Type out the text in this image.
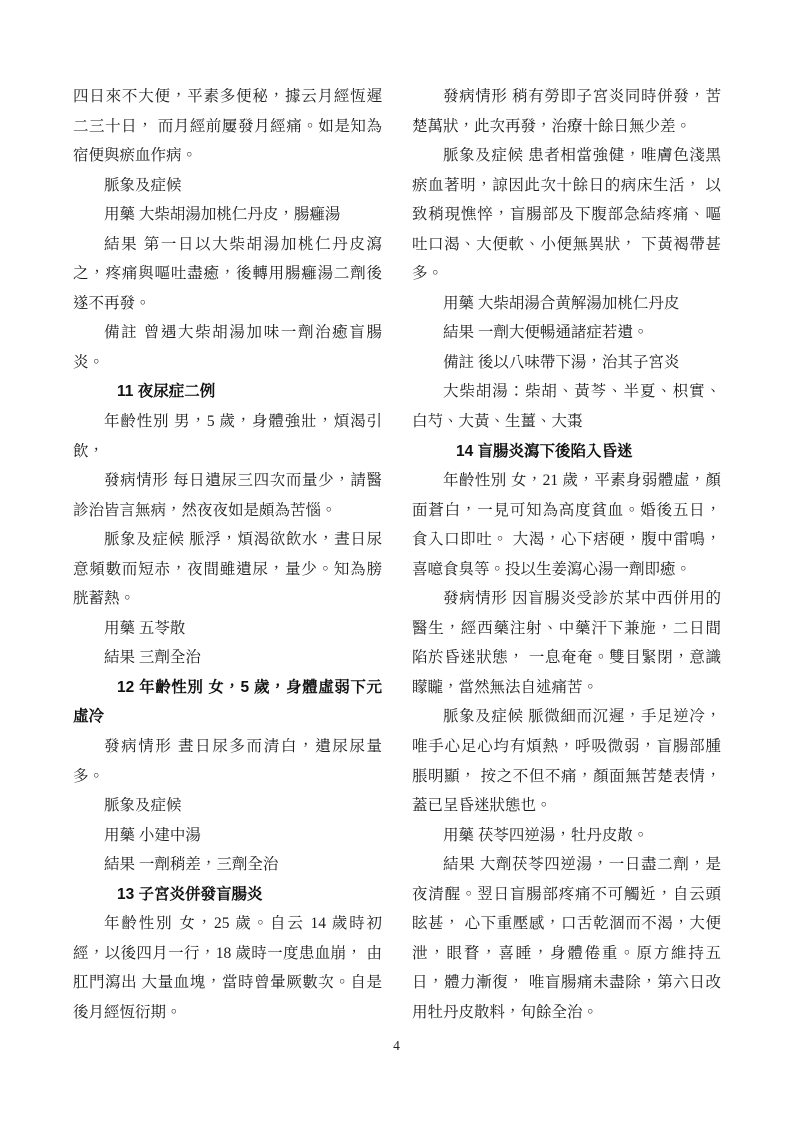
四日來不大便，平素多便秘，據云月經恆遲二三十日， 而月經前屢發月經痛。如是知為宿便與瘀血作病。

脈象及症候

用藥 大柴胡湯加桃仁丹皮，腸癰湯

結果 第一日以大柴胡湯加桃仁丹皮瀉之，疼痛與嘔吐盡癒，後轉用腸癰湯二劑後遂不再發。

備註 曾遇大柴胡湯加味一劑治癒盲腸炎。

11 夜尿症二例

年齡性別 男，5 歲，身體強壯，煩渴引飲，

發病情形 每日遺尿三四次而量少，請醫診治皆言無病，然夜夜如是頗為苦惱。

脈象及症候 脈浮，煩渴欲飲水，晝日尿意頻數而短赤，夜間雖遺尿，量少。知為膀胱蓄熱。

用藥 五苓散

結果 三劑全治

12 年齡性別 女，5 歲，身體虛弱下元虛冷

發病情形 晝日尿多而清白，遺尿尿量多。

脈象及症候

用藥 小建中湯

結果 一劑稍差，三劑全治

13 子宮炎併發盲腸炎

年齡性別 女，25 歲。自云 14 歲時初經，以後四月一行，18 歲時一度患血崩， 由肛門瀉出 大量血塊，當時曾暈厥數次。自是後月經恆衍期。

發病情形 稍有勞即子宮炎同時併發，苦楚萬狀，此次再發，治療十餘日無少差。

脈象及症候 患者相當強健，唯膚色淺黑瘀血著明，諒因此次十餘日的病床生活， 以致稍現憔悴，盲腸部及下腹部急結疼痛、嘔吐口渴、大便軟、小便無異狀， 下黃褐帶甚多。

用藥 大柴胡湯合黄解湯加桃仁丹皮

結果 一劑大便暢通諸症若遺。

備註 後以八味帶下湯，治其子宮炎

大柴胡湯：柴胡、黃芩、半夏、枳實、白芍、大黃、生薑、大棗

14 盲腸炎瀉下後陷入昏迷

年齡性別 女，21 歲，平素身弱體虛，顏面蒼白，一見可知為高度貧血。婚後五日，食入口即吐。 大渴，心下痞硬，腹中雷鳴，喜噫食臭等。投以生姜瀉心湯一劑即癒。

發病情形 因盲腸炎受診於某中西併用的醫生，經西藥注射、中藥汗下兼施，二日間陷於昏迷狀態， 一息奄奄。雙目緊閉，意識矇矓，當然無法自述痛苦。

脈象及症候 脈微細而沉遲，手足逆冷，唯手心足心均有煩熱，呼吸微弱，盲腸部腫脹明顯， 按之不但不痛，顏面無苦楚表情，蓋已呈昏迷狀態也。

用藥 茯苓四逆湯，牡丹皮散。

結果 大劑茯苓四逆湯，一日盡二劑，是夜清醒。翌日盲腸部疼痛不可觸近，自云頭眩甚， 心下重壓感，口舌乾涸而不渴，大便泄，眼瞀，喜睡，身體倦重。原方維持五日，體力漸復， 唯盲腸痛未盡除，第六日改用牡丹皮散料，旬餘全治。

4
